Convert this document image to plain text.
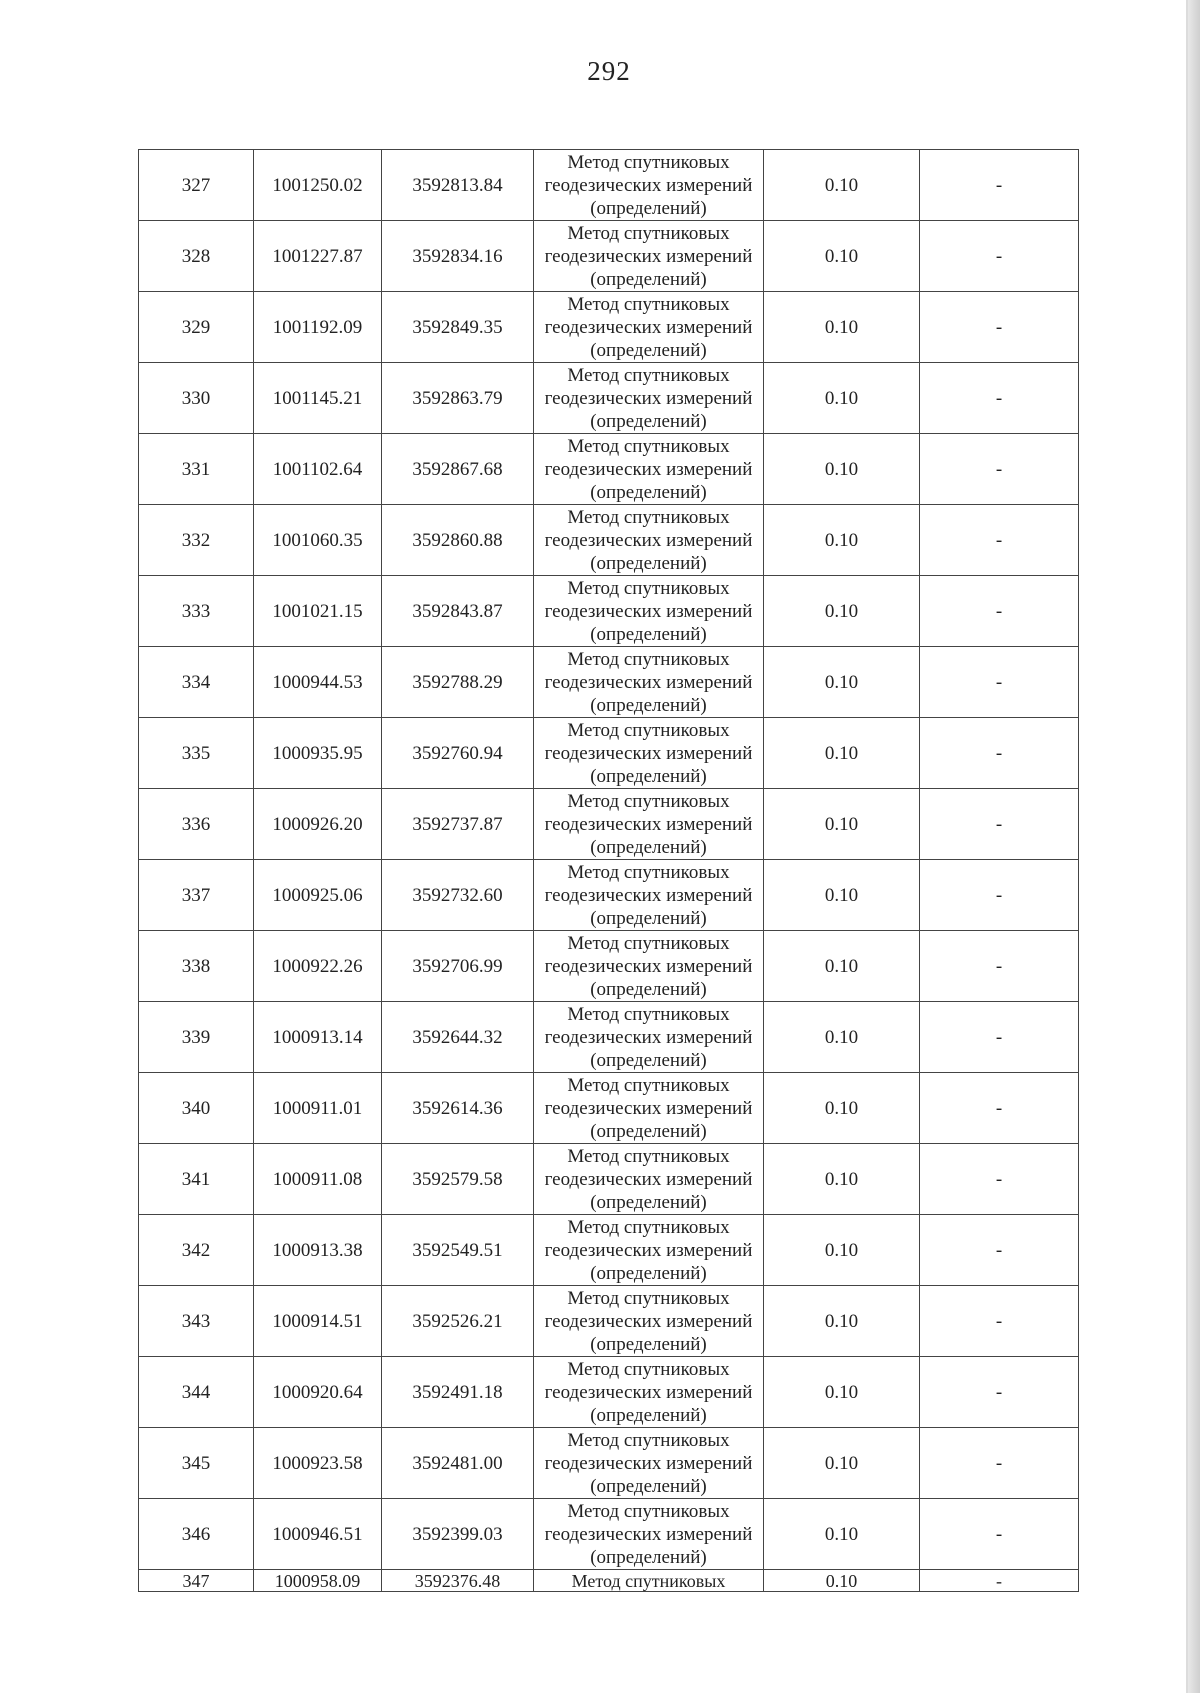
292
327	1001250.02	3592813.84	Метод спутниковых
геодезических измерений
(определений)	0.10	-
328	1001227.87	3592834.16	Метод спутниковых
геодезических измерений
(определений)	0.10	-
329	1001192.09	3592849.35	Метод спутниковых
геодезических измерений
(определений)	0.10	-
330	1001145.21	3592863.79	Метод спутниковых
геодезических измерений
(определений)	0.10	-
331	1001102.64	3592867.68	Метод спутниковых
геодезических измерений
(определений)	0.10	-
332	1001060.35	3592860.88	Метод спутниковых
геодезических измерений
(определений)	0.10	-
333	1001021.15	3592843.87	Метод спутниковых
геодезических измерений
(определений)	0.10	-
334	1000944.53	3592788.29	Метод спутниковых
геодезических измерений
(определений)	0.10	-
335	1000935.95	3592760.94	Метод спутниковых
геодезических измерений
(определений)	0.10	-
336	1000926.20	3592737.87	Метод спутниковых
геодезических измерений
(определений)	0.10	-
337	1000925.06	3592732.60	Метод спутниковых
геодезических измерений
(определений)	0.10	-
338	1000922.26	3592706.99	Метод спутниковых
геодезических измерений
(определений)	0.10	-
339	1000913.14	3592644.32	Метод спутниковых
геодезических измерений
(определений)	0.10	-
340	1000911.01	3592614.36	Метод спутниковых
геодезических измерений
(определений)	0.10	-
341	1000911.08	3592579.58	Метод спутниковых
геодезических измерений
(определений)	0.10	-
342	1000913.38	3592549.51	Метод спутниковых
геодезических измерений
(определений)	0.10	-
343	1000914.51	3592526.21	Метод спутниковых
геодезических измерений
(определений)	0.10	-
344	1000920.64	3592491.18	Метод спутниковых
геодезических измерений
(определений)	0.10	-
345	1000923.58	3592481.00	Метод спутниковых
геодезических измерений
(определений)	0.10	-
346	1000946.51	3592399.03	Метод спутниковых
геодезических измерений
(определений)	0.10	-
347	1000958.09	3592376.48	Метод спутниковых	0.10	-
